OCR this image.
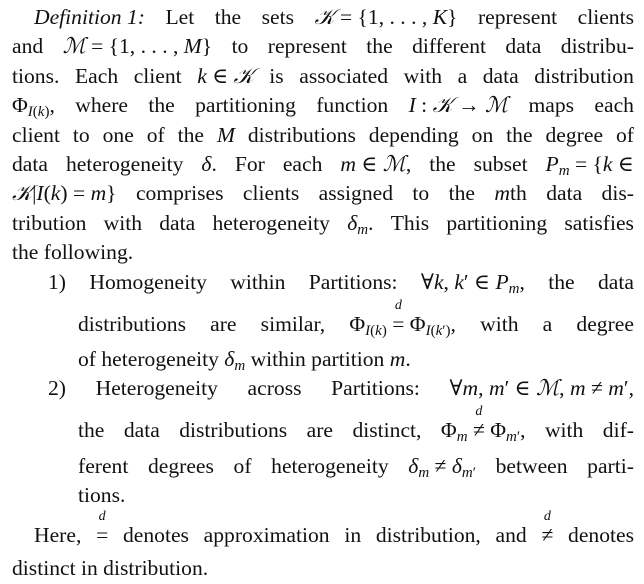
Definition 1: Let the sets 𝒦 = {1, . . . , K} represent clients
and ℳ = {1, . . . , M} to represent the different data distribu-
tions. Each client k ∈ 𝒦 is associated with a data distribution
$\Phi_{I(k)}$, where the partitioning function I : 𝒦 → ℳ maps each
client to one of the M distributions depending on the degree of
data heterogeneity δ. For each m ∈ ℳ, the subset $P_m = \{k$ ∈
𝒦|I(k) = m} comprises clients assigned to the mth data dis-
tribution with data heterogeneity $\delta_m$. This partitioning satisfies
the following.
1) Homogeneity within Partitions: ∀k, k′ ∈ $P_m$, the data
distributions are similar, $\Phi_{I(k)}$
d
= $\Phi_{I(k')}$, with a degree
of heterogeneity $\delta_m$ within partition m.
2) Heterogeneity across Partitions: ∀m, m′ ∈ ℳ, m ≠ m′,
the data distributions are distinct, $\Phi_m$
d
≠ $\Phi_{m'}$, with dif-
ferent degrees of heterogeneity $\delta_m \ne \delta_{m'}$ between parti-
tions.
Here,
d
= denotes approximation in distribution, and
d
≠ denotes
distinct in distribution.
